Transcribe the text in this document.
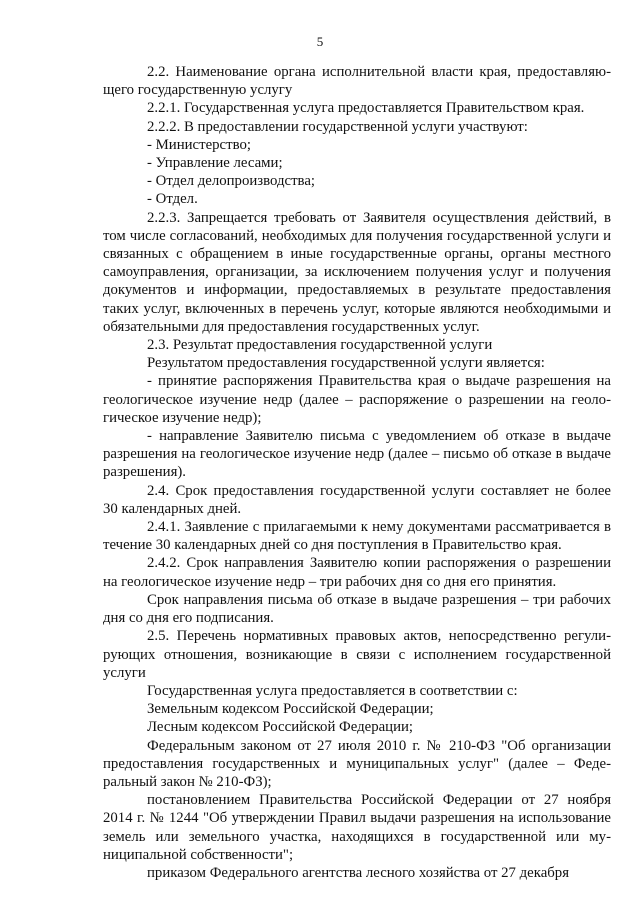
5

2.2. Наименование органа исполнительной власти края, предоставляющего государственную услугу

2.2.1. Государственная услуга предоставляется Правительством края.

2.2.2. В предоставлении государственной услуги участвуют:

- Министерство;

- Управление лесами;

- Отдел делопроизводства;

- Отдел.

2.2.3. Запрещается требовать от Заявителя осуществления действий, в том числе согласований, необходимых для получения государственной услуги и связанных с обращением в иные государственные органы, органы местного самоуправления, организации, за исключением получения услуг и получения документов и информации, предоставляемых в результате предоставления таких услуг, включенных в перечень услуг, которые являются необходимыми и обязательными для предоставления государственных услуг.

2.3. Результат предоставления государственной услуги

Результатом предоставления государственной услуги является:

- принятие распоряжения Правительства края о выдаче разрешения на геологическое изучение недр (далее – распоряжение о разрешении на геологическое изучение недр);

- направление Заявителю письма с уведомлением об отказе в выдаче разрешения на геологическое изучение недр (далее – письмо об отказе в выдаче разрешения).

2.4. Срок предоставления государственной услуги составляет не более 30 календарных дней.

2.4.1. Заявление с прилагаемыми к нему документами рассматривается в течение 30 календарных дней со дня поступления в Правительство края.

2.4.2. Срок направления Заявителю копии распоряжения о разрешении на геологическое изучение недр – три рабочих дня со дня его принятия.

Срок направления письма об отказе в выдаче разрешения – три рабочих дня со дня его подписания.

2.5. Перечень нормативных правовых актов, непосредственно регулирующих отношения, возникающие в связи с исполнением государственной услуги

Государственная услуга предоставляется в соответствии с:

Земельным кодексом Российской Федерации;

Лесным кодексом Российской Федерации;

Федеральным законом от 27 июля 2010 г. № 210-ФЗ "Об организации предоставления государственных и муниципальных услуг" (далее – Федеральный закон № 210-ФЗ);

постановлением Правительства Российской Федерации от 27 ноября 2014 г. № 1244 "Об утверждении Правил выдачи разрешения на использование земель или земельного участка, находящихся в государственной или муниципальной собственности";

приказом Федерального агентства лесного хозяйства от 27 декабря
